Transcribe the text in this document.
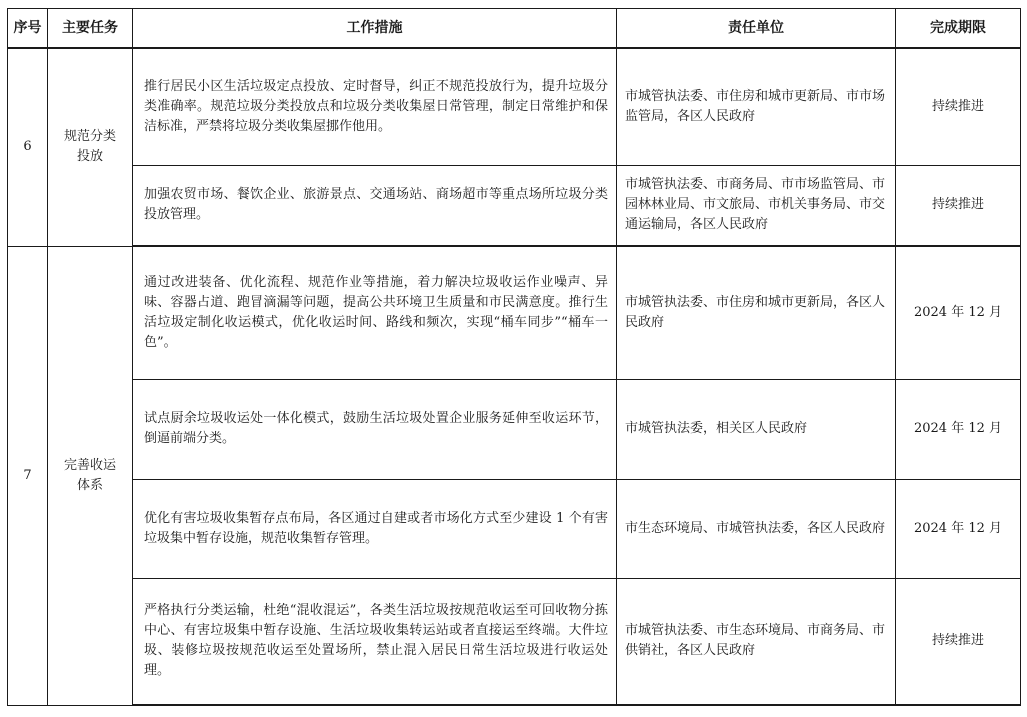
序号	主要任务	工作措施	责任单位	完成期限
6	规范分类投放	推行居民小区生活垃圾定点投放、定时督导，纠正不规范投放行为，提升垃圾分类准确率。规范垃圾分类投放点和垃圾分类收集屋日常管理，制定日常维护和保洁标准，严禁将垃圾分类收集屋挪作他用。	市城管执法委、市住房和城市更新局、市市场监管局，各区人民政府	持续推进
		加强农贸市场、餐饮企业、旅游景点、交通场站、商场超市等重点场所垃圾分类投放管理。	市城管执法委、市商务局、市市场监管局、市园林林业局、市文旅局、市机关事务局、市交通运输局，各区人民政府	持续推进
7	完善收运体系	通过改进装备、优化流程、规范作业等措施，着力解决垃圾收运作业噪声、异味、容器占道、跑冒滴漏等问题，提高公共环境卫生质量和市民满意度。推行生活垃圾定制化收运模式，优化收运时间、路线和频次，实现“桶车同步”“桶车一色”。	市城管执法委、市住房和城市更新局，各区人民政府	2024 年 12 月
		试点厨余垃圾收运处一体化模式，鼓励生活垃圾处置企业服务延伸至收运环节，倒逼前端分类。	市城管执法委，相关区人民政府	2024 年 12 月
		优化有害垃圾收集暂存点布局，各区通过自建或者市场化方式至少建设 1 个有害垃圾集中暂存设施，规范收集暂存管理。	市生态环境局、市城管执法委，各区人民政府	2024 年 12 月
		严格执行分类运输，杜绝“混收混运”，各类生活垃圾按规范收运至可回收物分拣中心、有害垃圾集中暂存设施、生活垃圾收集转运站或者直接运至终端。大件垃圾、装修垃圾按规范收运至处置场所，禁止混入居民日常生活垃圾进行收运处理。	市城管执法委、市生态环境局、市商务局、市供销社，各区人民政府	持续推进
